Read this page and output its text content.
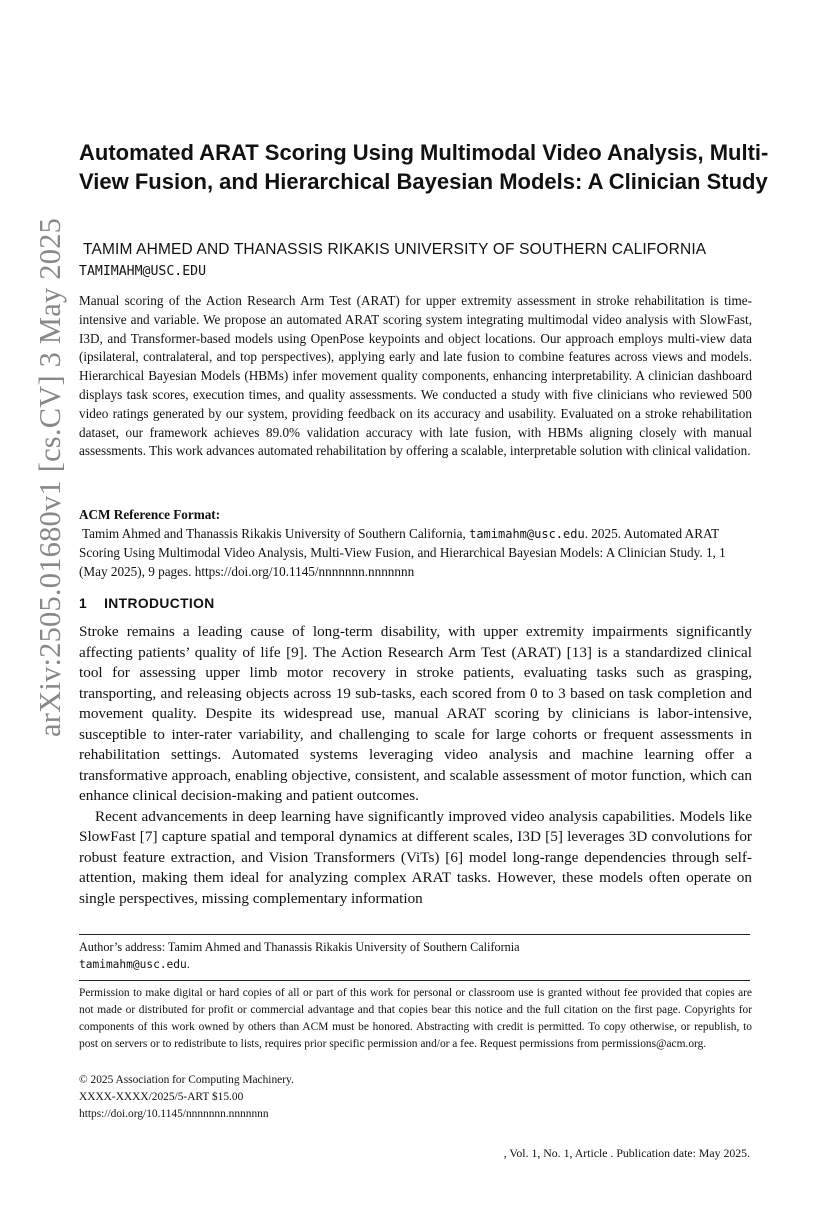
arXiv:2505.01680v1 [cs.CV] 3 May 2025
Automated ARAT Scoring Using Multimodal Video Analysis, Multi-View Fusion, and Hierarchical Bayesian Models: A Clinician Study

TAMIM AHMED AND THANASSIS RIKAKIS UNIVERSITY OF SOUTHERN CALIFORNIA

TAMIMAHM@USC.EDU

Manual scoring of the Action Research Arm Test (ARAT) for upper extremity assessment in stroke rehabilitation is time-intensive and variable. We propose an automated ARAT scoring system integrating multimodal video analysis with SlowFast, I3D, and Transformer-based models using OpenPose keypoints and object locations. Our approach employs multi-view data (ipsilateral, contralateral, and top perspectives), applying early and late fusion to combine features across views and models. Hierarchical Bayesian Models (HBMs) infer movement quality components, enhancing interpretability. A clinician dashboard displays task scores, execution times, and quality assessments. We conducted a study with five clinicians who reviewed 500 video ratings generated by our system, providing feedback on its accuracy and usability. Evaluated on a stroke rehabilitation dataset, our framework achieves 89.0% validation accuracy with late fusion, with HBMs aligning closely with manual assessments. This work advances automated rehabilitation by offering a scalable, interpretable solution with clinical validation.

ACM Reference Format:

Tamim Ahmed and Thanassis Rikakis University of Southern California, tamimahm@usc.edu. 2025. Automated ARAT Scoring Using Multimodal Video Analysis, Multi-View Fusion, and Hierarchical Bayesian Models: A Clinician Study. 1, 1 (May 2025), 9 pages. https://doi.org/10.1145/nnnnnnn.nnnnnnn

1 INTRODUCTION

Stroke remains a leading cause of long-term disability, with upper extremity impairments significantly affecting patients’ quality of life [9]. The Action Research Arm Test (ARAT) [13] is a standardized clinical tool for assessing upper limb motor recovery in stroke patients, evaluating tasks such as grasping, transporting, and releasing objects across 19 sub-tasks, each scored from 0 to 3 based on task completion and movement quality. Despite its widespread use, manual ARAT scoring by clinicians is labor-intensive, susceptible to inter-rater variability, and challenging to scale for large cohorts or frequent assessments in rehabilitation settings. Automated systems leveraging video analysis and machine learning offer a transformative approach, enabling objective, consistent, and scalable assessment of motor function, which can enhance clinical decision-making and patient outcomes.

Recent advancements in deep learning have significantly improved video analysis capabilities. Models like SlowFast [7] capture spatial and temporal dynamics at different scales, I3D [5] leverages 3D convolutions for robust feature extraction, and Vision Transformers (ViTs) [6] model long-range dependencies through self-attention, making them ideal for analyzing complex ARAT tasks. However, these models often operate on single perspectives, missing complementary information

Author’s address: Tamim Ahmed and Thanassis Rikakis University of Southern California
tamimahm@usc.edu.

Permission to make digital or hard copies of all or part of this work for personal or classroom use is granted without fee provided that copies are not made or distributed for profit or commercial advantage and that copies bear this notice and the full citation on the first page. Copyrights for components of this work owned by others than ACM must be honored. Abstracting with credit is permitted. To copy otherwise, or republish, to post on servers or to redistribute to lists, requires prior specific permission and/or a fee. Request permissions from permissions@acm.org.

© 2025 Association for Computing Machinery.
XXXX-XXXX/2025/5-ART $15.00
https://doi.org/10.1145/nnnnnnn.nnnnnnn

, Vol. 1, No. 1, Article . Publication date: May 2025.
